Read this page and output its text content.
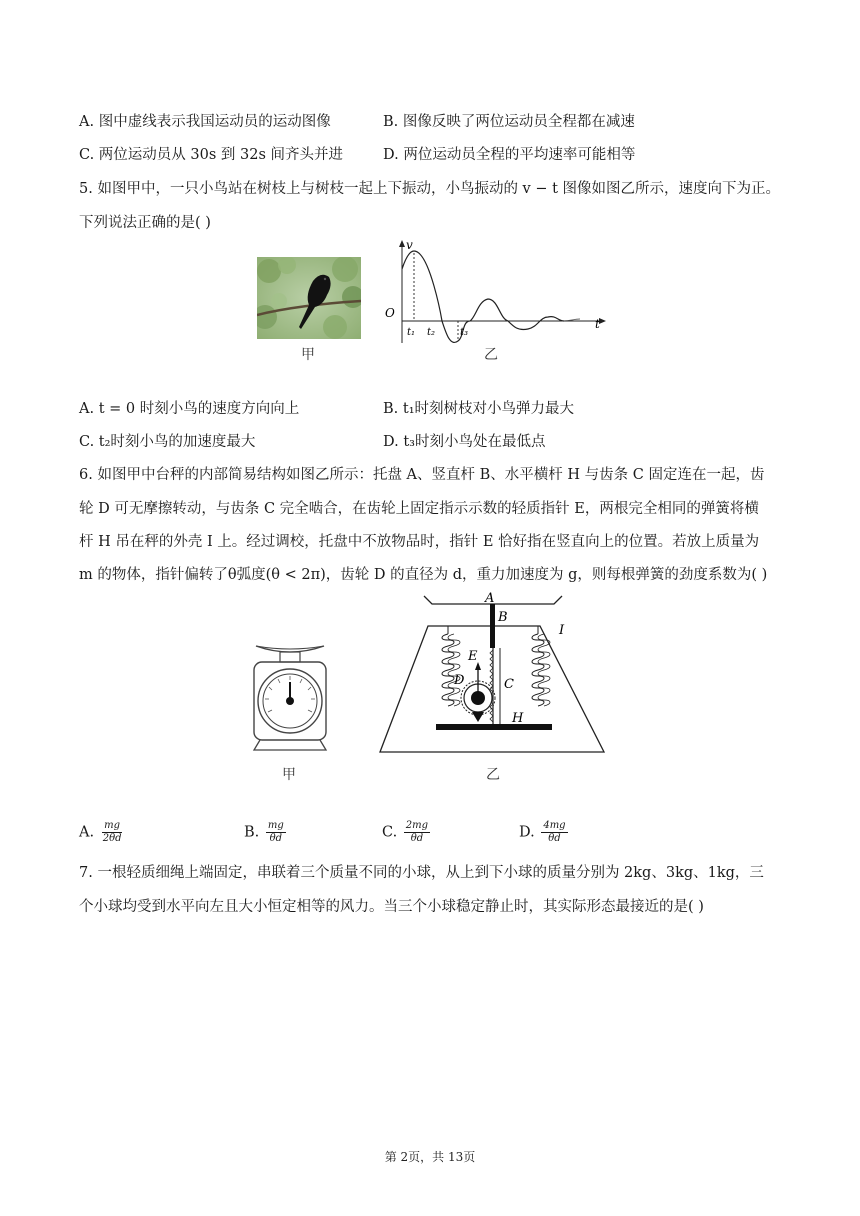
A. 图中虚线表示我国运动员的运动图像	B. 图像反映了两位运动员全程都在减速
C. 两位运动员从 30s 到 32s 间齐头并进	D. 两位运动员全程的平均速率可能相等
5. 如图甲中，一只小鸟站在树枝上与树枝一起上下振动，小鸟振动的 v − t 图像如图乙所示，速度向下为正。
下列说法正确的是( )
甲
v
t
O
t₁ t₂ t₃
乙
A. t = 0 时刻小鸟的速度方向向上	B. t₁时刻树枝对小鸟弹力最大
C. t₂时刻小鸟的加速度最大	D. t₃时刻小鸟处在最低点
6. 如图甲中台秤的内部简易结构如图乙所示：托盘 A、竖直杆 B、水平横杆 H 与齿条 C 固定连在一起，齿
轮 D 可无摩擦转动，与齿条 C 完全啮合，在齿轮上固定指示示数的轻质指针 E，两根完全相同的弹簧将横
杆 H 吊在秤的外壳 I 上。经过调校，托盘中不放物品时，指针 E 恰好指在竖直向上的位置。若放上质量为
m 的物体，指针偏转了θ弧度(θ < 2π)，齿轮 D 的直径为 d，重力加速度为 g，则每根弹簧的劲度系数为( )
甲
A
B
C
D
E
H
I
乙
A. $\frac{mg}{2\theta d}$	B. $\frac{mg}{\theta d}$	C. $\frac{2mg}{\theta d}$	D. $\frac{4mg}{\theta d}$
7. 一根轻质细绳上端固定，串联着三个质量不同的小球，从上到下小球的质量分别为 2kg、3kg、1kg，三
个小球均受到水平向左且大小恒定相等的风力。当三个小球稳定静止时，其实际形态最接近的是( )
第 2页，共 13页
